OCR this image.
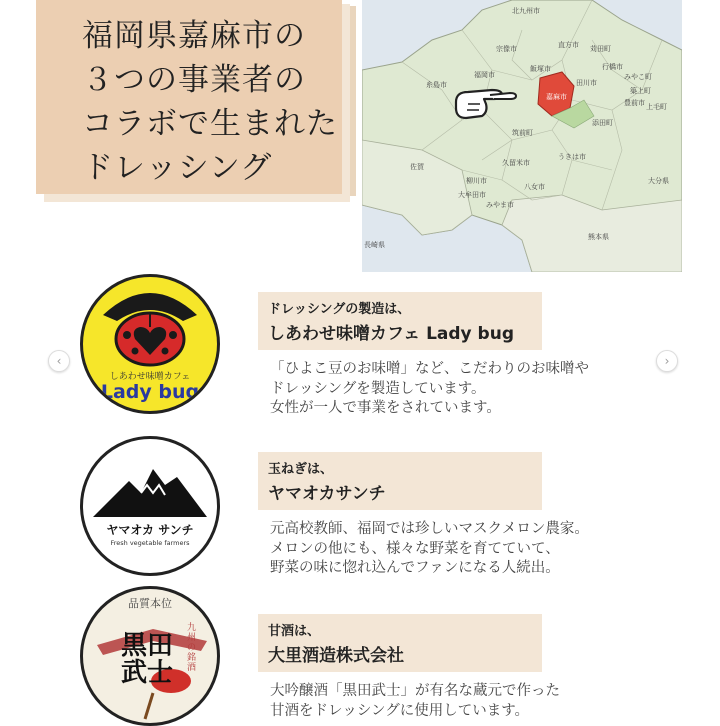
福岡県嘉麻市の
３つの事業者の
コラボで生まれた
ドレッシング
北九州市
苅田町
行橋市
みやこ町
築上町
上毛町
豊前市
嘉麻市
筑前町
うきは市
大牟田市
みやま市
柳川市
久留米市
八女市
佐賀
大分県
熊本県
長崎県
福岡市
糸島市
宗像市
飯塚市
直方市
田川市
添田町
‹	›
しあわせ味噌カフェ
Lady bug
ドレッシングの製造は、
しあわせ味噌カフェ Lady bug
「ひよこ豆のお味噌」など、こだわりのお味噌や
ドレッシングを製造しています。
女性が一人で事業をされています。
ヤマオカ サンチ
Fresh vegetable farmers
玉ねぎは、
ヤマオカサンチ
元高校教師、福岡では珍しいマスクメロン農家。
メロンの他にも、様々な野菜を育てていて、
野菜の味に惚れ込んでファンになる人続出。
品質本位
黒田武士
九州の銘酒
甘酒は、
大里酒造株式会社
大吟醸酒「黒田武士」が有名な蔵元で作った
甘酒をドレッシングに使用しています。
